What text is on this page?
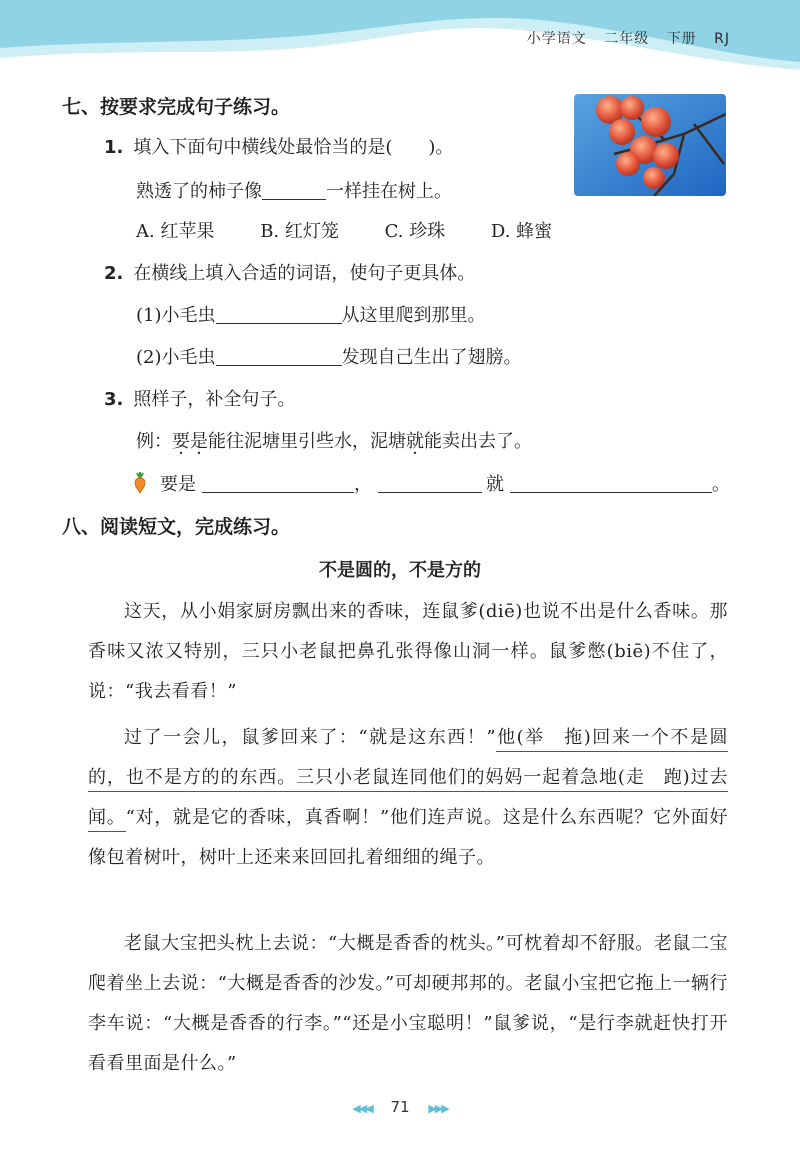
小学语文 二年级 下册 RJ
七、按要求完成句子练习。
1. 填入下面句中横线处最恰当的是(　　)。
熟透了的柿子像	一样挂在树上。
A. 红苹果	B. 红灯笼	C. 珍珠	D. 蜂蜜
2. 在横线上填入合适的词语，使句子更具体。
(1)小毛虫	从这里爬到那里。
(2)小毛虫	发现自己生出了翅膀。
3. 照样子，补全句子。
例：要是能往泥塘里引些水，泥塘就能卖出去了。
要是	，	就	。
八、阅读短文，完成练习。
不是圆的，不是方的
这天，从小娟家厨房飘出来的香味，连鼠爹(diē)也说不出是什么香味。那香味又浓又特别，三只小老鼠把鼻孔张得像山洞一样。鼠爹憋(biē)不住了，说：“我去看看！”
过了一会儿，鼠爹回来了：“就是这东西！”他(举　拖)回来一个不是圆的，也不是方的的东西。三只小老鼠连同他们的妈妈一起着急地(走　跑)过去闻。“对，就是它的香味，真香啊！”他们连声说。这是什么东西呢？它外面好像包着树叶，树叶上还来来回回扎着细细的绳子。
老鼠大宝把头枕上去说：“大概是香香的枕头。”可枕着却不舒服。老鼠二宝爬着坐上去说：“大概是香香的沙发。”可却硬邦邦的。老鼠小宝把它拖上一辆行李车说：“大概是香香的行李。”“还是小宝聪明！”鼠爹说，“是行李就赶快打开看看里面是什么。”
◀◀◀ 71 ▶▶▶
